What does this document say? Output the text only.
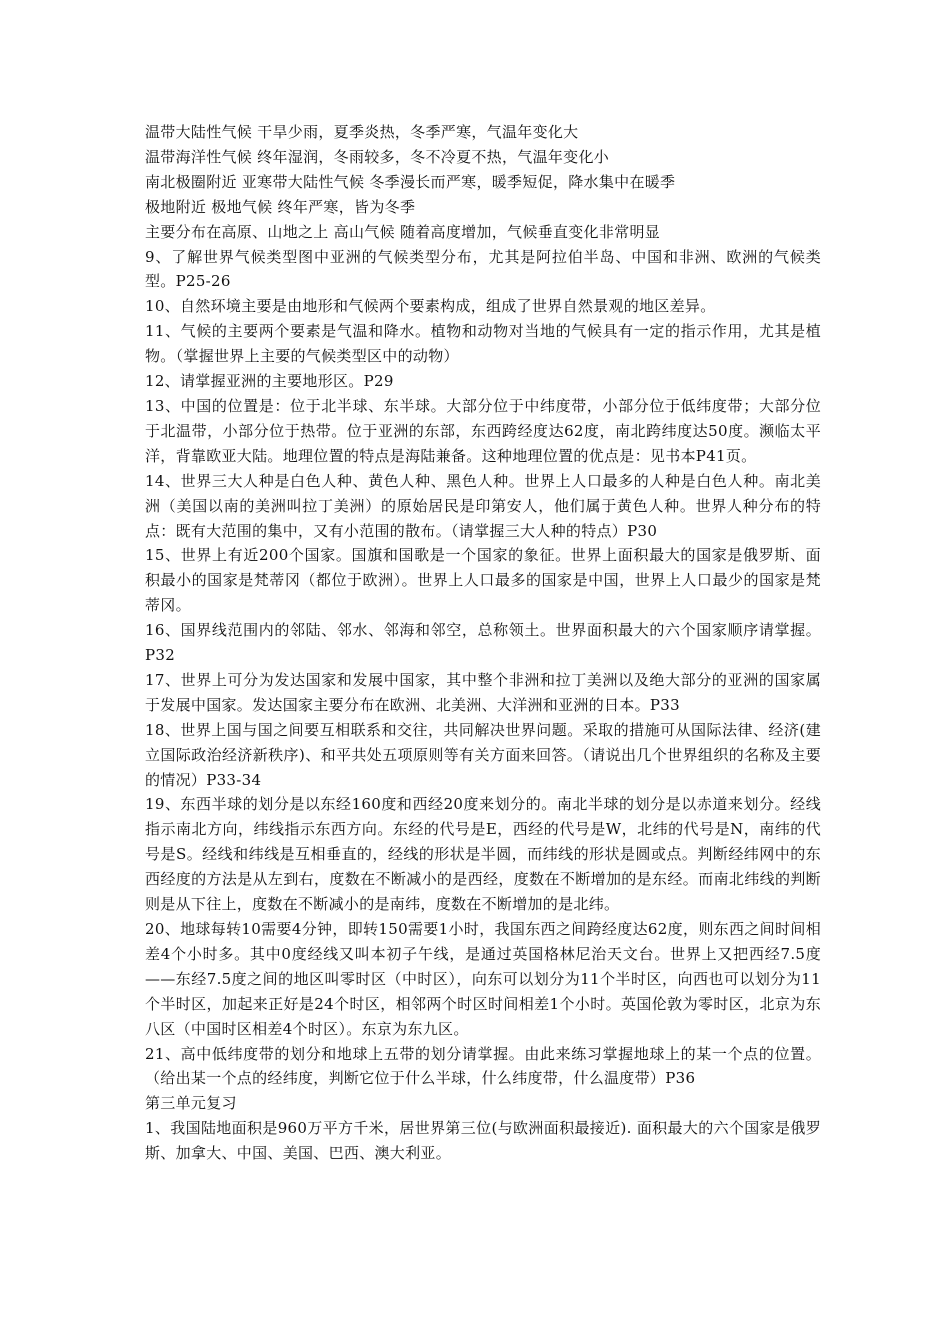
温带大陆性气候 干旱少雨，夏季炎热，冬季严寒，气温年变化大

温带海洋性气候 终年湿润，冬雨较多，冬不冷夏不热，气温年变化小

南北极圈附近 亚寒带大陆性气候 冬季漫长而严寒，暖季短促，降水集中在暖季

极地附近 极地气候 终年严寒，皆为冬季

主要分布在高原、山地之上 高山气候 随着高度增加，气候垂直变化非常明显

9、了解世界气候类型图中亚洲的气候类型分布，尤其是阿拉伯半岛、中国和非洲、欧洲的气候类型。P25-26

10、自然环境主要是由地形和气候两个要素构成，组成了世界自然景观的地区差异。

11、气候的主要两个要素是气温和降水。植物和动物对当地的气候具有一定的指示作用，尤其是植物。（掌握世界上主要的气候类型区中的动物）

12、请掌握亚洲的主要地形区。P29

13、中国的位置是：位于北半球、东半球。大部分位于中纬度带，小部分位于低纬度带；大部分位于北温带，小部分位于热带。位于亚洲的东部，东西跨经度达62度，南北跨纬度达50度。濒临太平洋，背靠欧亚大陆。地理位置的特点是海陆兼备。这种地理位置的优点是：见书本P41页。

14、世界三大人种是白色人种、黄色人种、黑色人种。世界上人口最多的人种是白色人种。南北美洲（美国以南的美洲叫拉丁美洲）的原始居民是印第安人，他们属于黄色人种。世界人种分布的特点：既有大范围的集中，又有小范围的散布。（请掌握三大人种的特点）P30

15、世界上有近200个国家。国旗和国歌是一个国家的象征。世界上面积最大的国家是俄罗斯、面积最小的国家是梵蒂冈（都位于欧洲）。世界上人口最多的国家是中国，世界上人口最少的国家是梵蒂冈。

16、国界线范围内的邻陆、邻水、邻海和邻空，总称领土。世界面积最大的六个国家顺序请掌握。P32

17、世界上可分为发达国家和发展中国家，其中整个非洲和拉丁美洲以及绝大部分的亚洲的国家属于发展中国家。发达国家主要分布在欧洲、北美洲、大洋洲和亚洲的日本。P33

18、世界上国与国之间要互相联系和交往，共同解决世界问题。采取的措施可从国际法律、经济(建立国际政治经济新秩序)、和平共处五项原则等有关方面来回答。（请说出几个世界组织的名称及主要的情况）P33-34

19、东西半球的划分是以东经160度和西经20度来划分的。南北半球的划分是以赤道来划分。经线指示南北方向，纬线指示东西方向。东经的代号是E，西经的代号是W，北纬的代号是N，南纬的代号是S。经线和纬线是互相垂直的，经线的形状是半圆，而纬线的形状是圆或点。判断经纬网中的东西经度的方法是从左到右，度数在不断减小的是西经，度数在不断增加的是东经。而南北纬线的判断则是从下往上，度数在不断减小的是南纬，度数在不断增加的是北纬。

20、地球每转10需要4分钟，即转150需要1小时，我国东西之间跨经度达62度，则东西之间时间相差4个小时多。其中0度经线又叫本初子午线，是通过英国格林尼治天文台。世界上又把西经7.5度——东经7.5度之间的地区叫零时区（中时区），向东可以划分为11个半时区，向西也可以划分为11个半时区，加起来正好是24个时区，相邻两个时区时间相差1个小时。英国伦敦为零时区，北京为东八区（中国时区相差4个时区）。东京为东九区。

21、高中低纬度带的划分和地球上五带的划分请掌握。由此来练习掌握地球上的某一个点的位置。（给出某一个点的经纬度，判断它位于什么半球，什么纬度带，什么温度带）P36

第三单元复习

1、我国陆地面积是960万平方千米，居世界第三位(与欧洲面积最接近). 面积最大的六个国家是俄罗斯、加拿大、中国、美国、巴西、澳大利亚。
